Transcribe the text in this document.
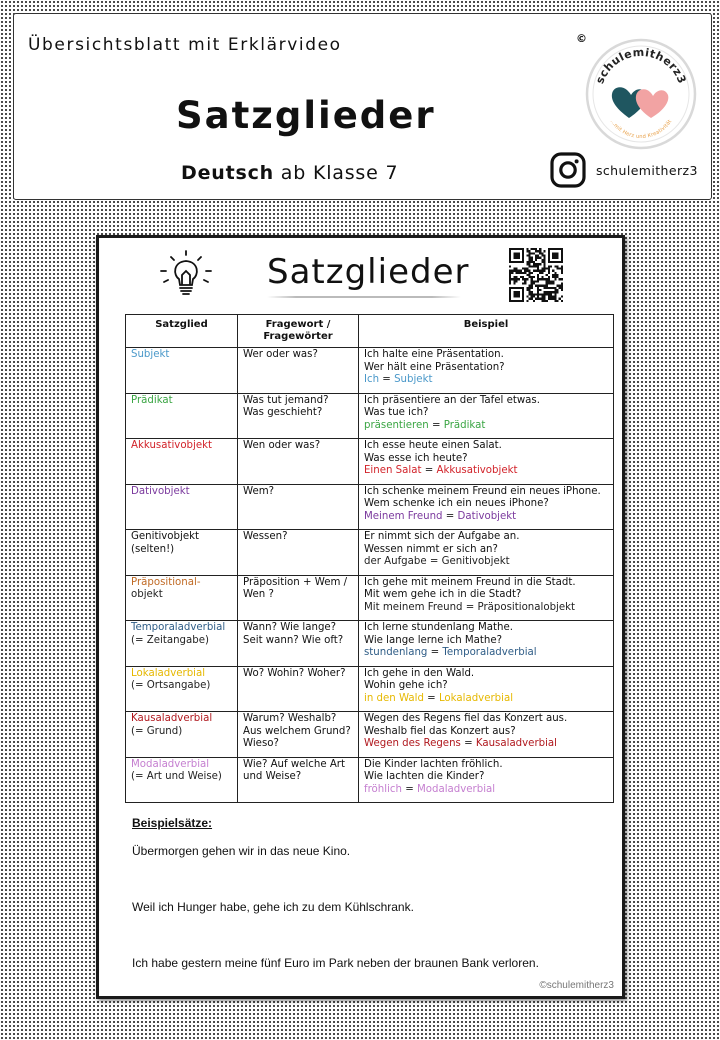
Übersichtsblatt mit Erklärvideo
Satzglieder
Deutsch ab Klasse 7
©
schulemitherz3
...mit Herz und Kreativität
schulemitherz3
Satzglieder
Satzglied	Fragewort / Fragewörter	Beispiel

Subjekt	Wer oder was?	Ich halte eine Präsentation.
Wer hält eine Präsentation?
Ich = Subjekt

Prädikat	Was tut jemand?
Was geschieht?	Ich präsentiere an der Tafel etwas.
Was tue ich?
präsentieren = Prädikat

Akkusativobjekt	Wen oder was?	Ich esse heute einen Salat.
Was esse ich heute?
Einen Salat = Akkusativobjekt

Dativobjekt	Wem?	Ich schenke meinem Freund ein neues iPhone.
Wem schenke ich ein neues iPhone?
Meinem Freund = Dativobjekt

Genitivobjekt
(selten!)	Wessen?	Er nimmt sich der Aufgabe an.
Wessen nimmt er sich an?
der Aufgabe = Genitivobjekt

Präpositional-
objekt	Präposition + Wem /
Wen ?	Ich gehe mit meinem Freund in die Stadt.
Mit wem gehe ich in die Stadt?
Mit meinem Freund = Präpositionalobjekt

Temporaladverbial
(= Zeitangabe)	Wann? Wie lange?
Seit wann? Wie oft?	Ich lerne stundenlang Mathe.
Wie lange lerne ich Mathe?
stundenlang = Temporaladverbial

Lokaladverbial
(= Ortsangabe)	Wo? Wohin? Woher?	Ich gehe in den Wald.
Wohin gehe ich?
in den Wald = Lokaladverbial

Kausaladverbial
(= Grund)	Warum? Weshalb?
Aus welchem Grund?
Wieso?	Wegen des Regens fiel das Konzert aus.
Weshalb fiel das Konzert aus?
Wegen des Regens = Kausaladverbial

Modaladverbial
(= Art und Weise)	Wie? Auf welche Art
und Weise?	Die Kinder lachten fröhlich.
Wie lachten die Kinder?
fröhlich = Modaladverbial
Beispielsätze:
Übermorgen gehen wir in das neue Kino.
Weil ich Hunger habe, gehe ich zu dem Kühlschrank.
Ich habe gestern meine fünf Euro im Park neben der braunen Bank verloren.
©schulemitherz3
